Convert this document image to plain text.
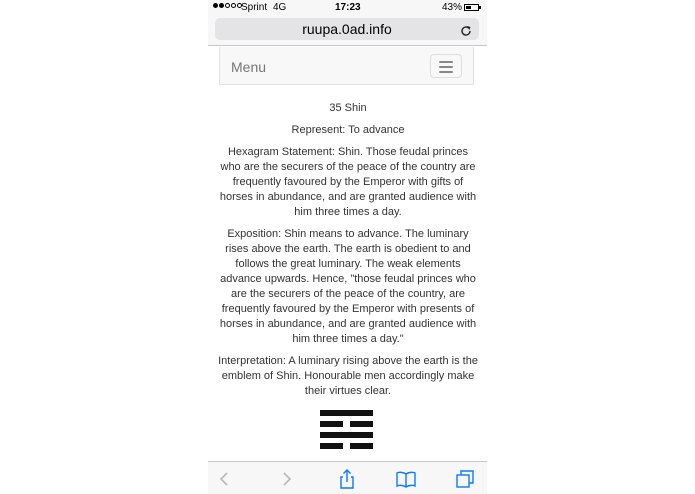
Sprint 4G	17:23	43%
ruupa.0ad.info
Menu

35 Shin

Represent: To advance

Hexagram Statement: Shin. Those feudal princes who are the securers of the peace of the country are frequently favoured by the Emperor with gifts of horses in abundance, and are granted audience with him three times a day.

Exposition: Shin means to advance. The luminary rises above the earth. The earth is obedient to and follows the great luminary. The weak elements advance upwards. Hence, "those feudal princes who are the securers of the peace of the country, are frequently favoured by the Emperor with presents of horses in abundance, and are granted audience with him three times a day."

Interpretation: A luminary rising above the earth is the emblem of Shin. Honourable men accordingly make their virtues clear.
